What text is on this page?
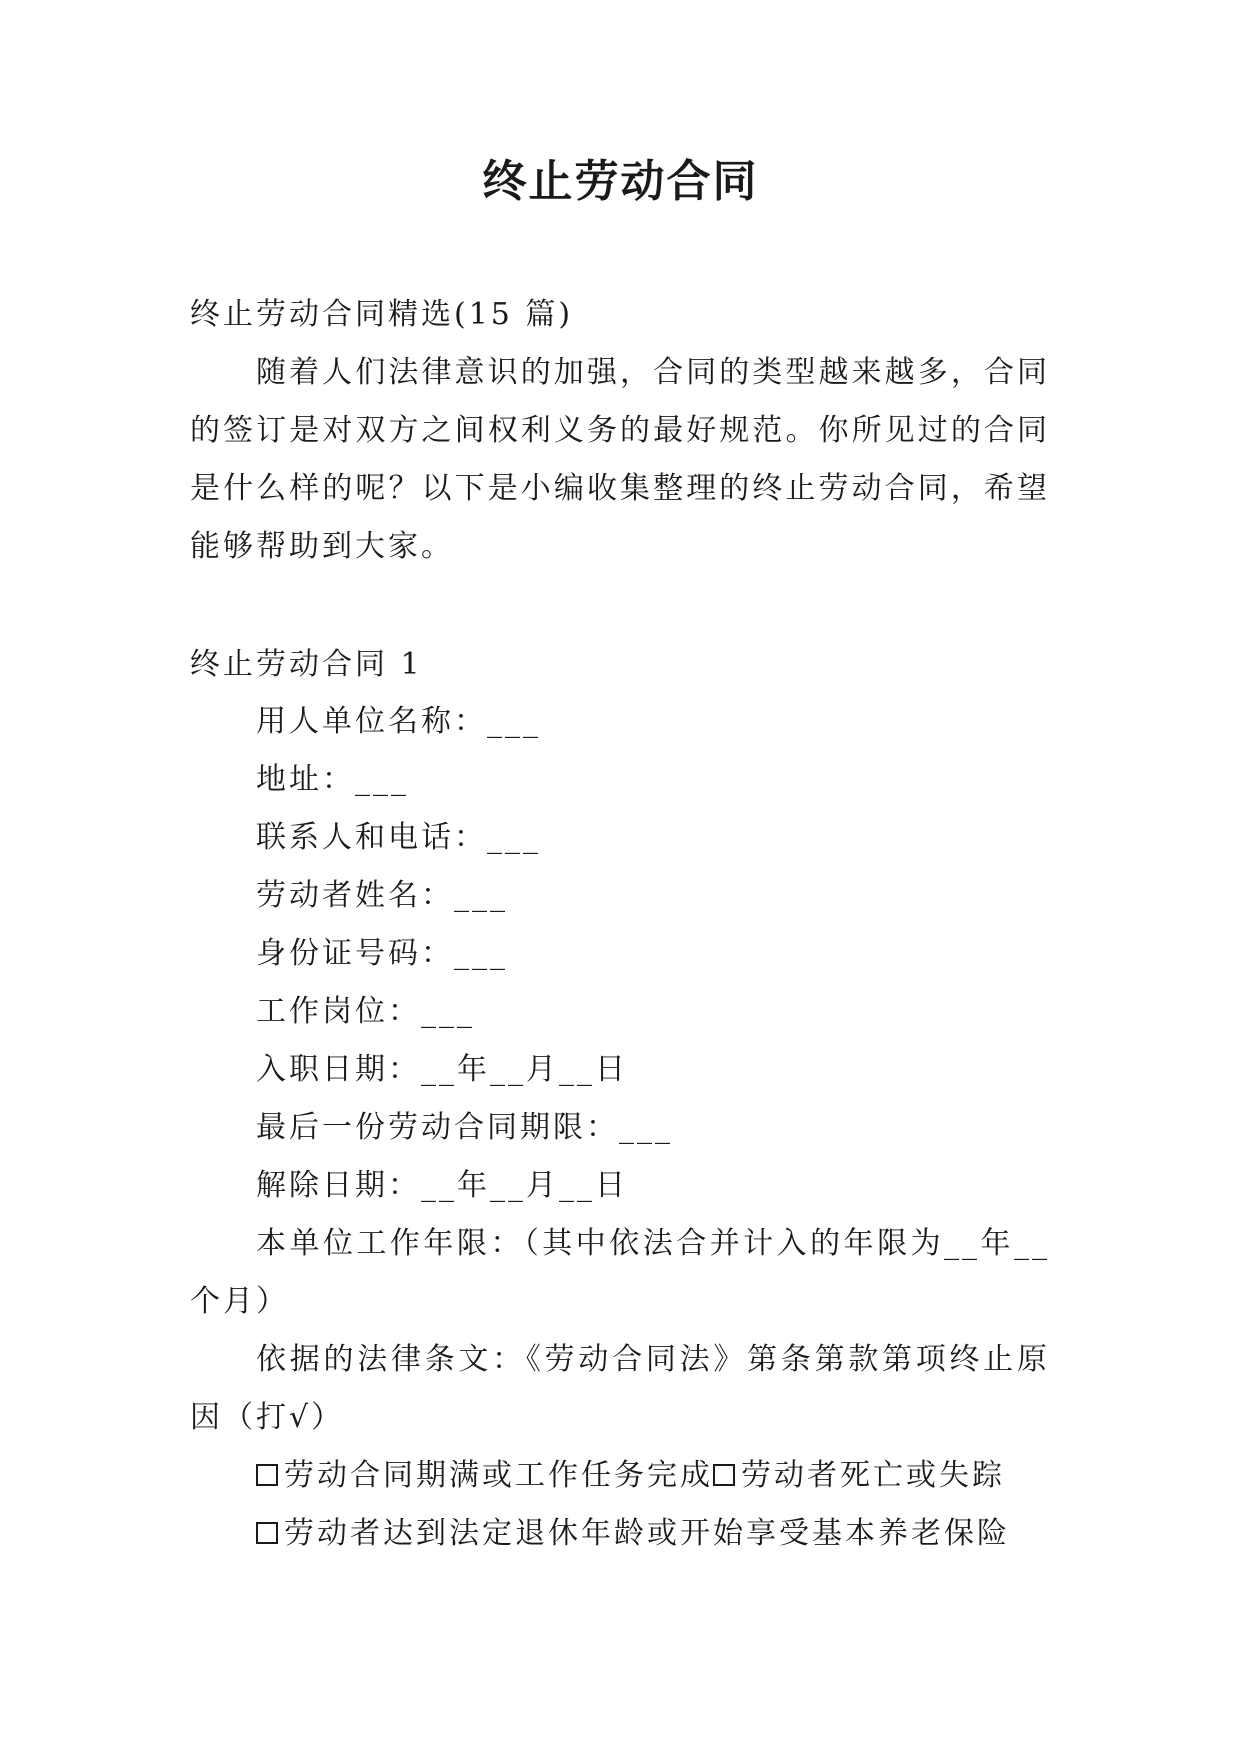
终止劳动合同
终止劳动合同精选(15 篇)
随着人们法律意识的加强，合同的类型越来越多，合同的签订是对双方之间权利义务的最好规范。你所见过的合同是什么样的呢？以下是小编收集整理的终止劳动合同，希望能够帮助到大家。
终止劳动合同 1
用人单位名称：___
地址：___
联系人和电话：___
劳动者姓名：___
身份证号码：___
工作岗位：___
入职日期：__年__月__日
最后一份劳动合同期限：___
解除日期：__年__月__日
本单位工作年限：（其中依法合并计入的年限为__年__个月）
依据的法律条文：《劳动合同法》第条第款第项终止原因（打√）
劳动合同期满或工作任务完成 劳动者死亡或失踪
劳动者达到法定退休年龄或开始享受基本养老保险
